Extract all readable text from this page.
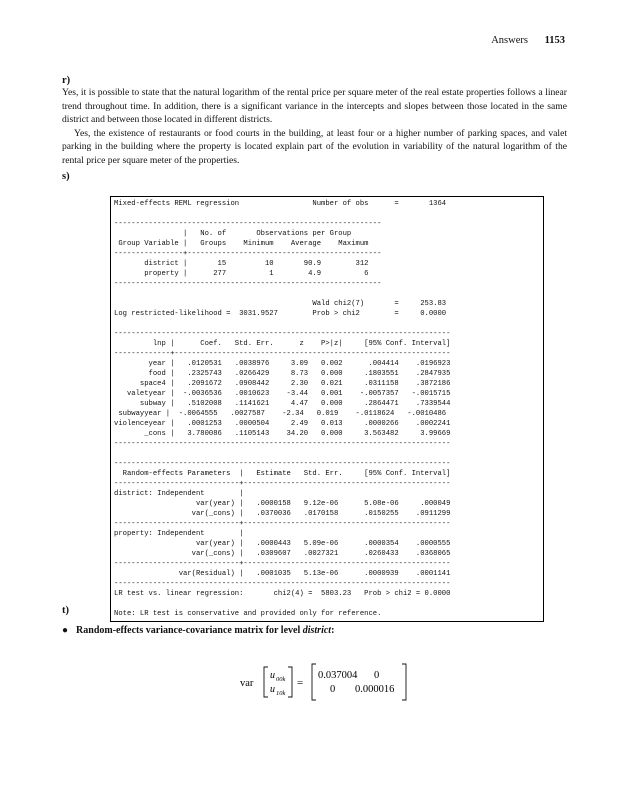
Answers 1153
r)

Yes, it is possible to state that the natural logarithm of the rental price per square meter of the real estate properties follows a linear trend throughout time. In addition, there is a significant variance in the intercepts and slopes between those located in the same district and between those located in different districts.

Yes, the existence of restaurants or food courts in the building, at least four or a higher number of parking spaces, and valet parking in the building where the property is located explain part of the evolution in variability of the natural logarithm of the rental price per square meter of the properties.

s)
Mixed-effects REML regression                 Number of obs      =       1364

--------------------------------------------------------------
|   No. of       Observations per Group
Group Variable |   Groups    Minimum    Average    Maximum
----------------+---------------------------------------------
district |       15         10       90.9        312
property |      277          1        4.9          6
--------------------------------------------------------------

Wald chi2(7)       =     253.83
Log restricted-likelihood =  3031.9527        Prob > chi2        =     0.0000

------------------------------------------------------------------------------
lnp |      Coef.   Std. Err.      z    P>|z|     [95% Conf. Interval]
-------------+----------------------------------------------------------------
year |   .0120531   .0038976     3.09   0.002      .004414    .0196923
food |   .2325743   .0266429     8.73   0.000     .1803551    .2847935
space4 |   .2091672   .0908442     2.30   0.021     .0311158    .3872186
valetyear |  -.0036536   .0010623    -3.44   0.001    -.0057357   -.0015715
subway |   .5102008   .1141621     4.47   0.000     .2864471    .7339544
subwayyear |  -.0064555   .0027587    -2.34   0.019    -.0118624   -.0010486
violenceyear |   .0001253   .0000504     2.49   0.013     .0000266    .0002241
_cons |   3.780086   .1105143    34.20   0.000     3.563482     3.99669
------------------------------------------------------------------------------

------------------------------------------------------------------------------
Random-effects Parameters  |   Estimate   Std. Err.     [95% Conf. Interval]
-----------------------------+------------------------------------------------
district: Independent        |
var(year) |   .0000158   9.12e-06      5.08e-06     .000049
var(_cons) |   .0370036   .0170158      .0150255    .0911299
-----------------------------+------------------------------------------------
property: Independent        |
var(year) |   .0000443   5.09e-06      .0000354    .0000555
var(_cons) |   .0309607   .0027321      .0260433    .0368065
-----------------------------+------------------------------------------------
var(Residual) |   .0001035   5.13e-06      .0000939    .0001141
------------------------------------------------------------------------------
LR test vs. linear regression:       chi2(4) =  5803.23   Prob > chi2 = 0.0000

Note: LR test is conservative and provided only for reference.
t)
● Random-effects variance-covariance matrix for level district:
var
u 00k
u 10k
=
0.037004 0
0 0.000016
